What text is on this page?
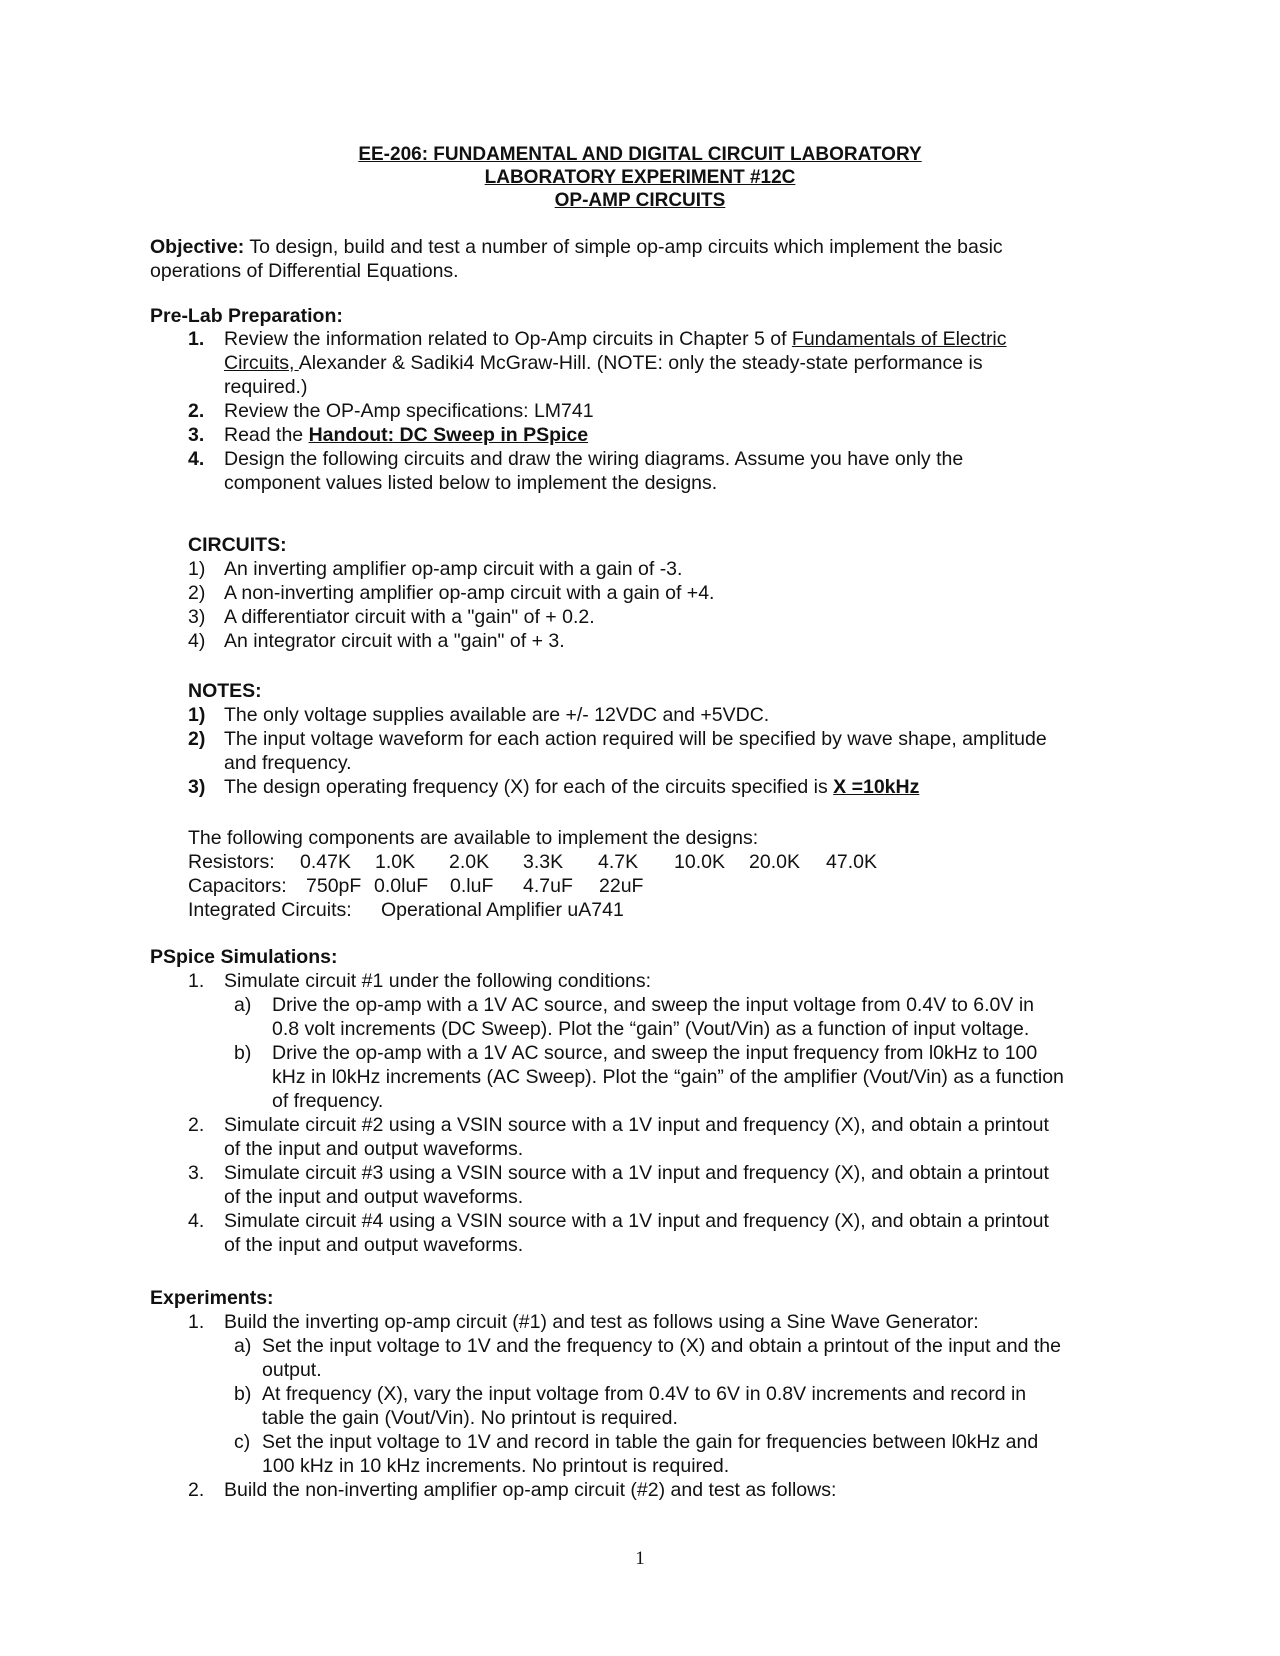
EE-206: FUNDAMENTAL AND DIGITAL CIRCUIT LABORATORY
LABORATORY EXPERIMENT #12C
OP-AMP CIRCUITS
Objective: To design, build and test a number of simple op-amp circuits which implement the basic
operations of Differential Equations.
Pre-Lab Preparation:
1. Review the information related to Op-Amp circuits in Chapter 5 of Fundamentals of Electric
Circuits, Alexander & Sadiki4 McGraw-Hill. (NOTE: only the steady-state performance is
required.)
2. Review the OP-Amp specifications: LM741
3. Read the Handout: DC Sweep in PSpice
4. Design the following circuits and draw the wiring diagrams. Assume you have only the
component values listed below to implement the designs.
CIRCUITS:
1) An inverting amplifier op-amp circuit with a gain of -3.
2) A non-inverting amplifier op-amp circuit with a gain of +4.
3) A differentiator circuit with a "gain" of + 0.2.
4) An integrator circuit with a "gain" of + 3.
NOTES:
1) The only voltage supplies available are +/- 12VDC and +5VDC.
2) The input voltage waveform for each action required will be specified by wave shape, amplitude
and frequency.
3) The design operating frequency (X) for each of the circuits specified is X =10kHz
The following components are available to implement the designs:
Resistors: 0.47K 1.0K 2.0K 3.3K 4.7K 10.0K 20.0K 47.0K
Capacitors: 750pF 0.0luF 0.luF 4.7uF 22uF
Integrated Circuits: Operational Amplifier uA741
PSpice Simulations:
1. Simulate circuit #1 under the following conditions:
a) Drive the op-amp with a 1V AC source, and sweep the input voltage from 0.4V to 6.0V in
0.8 volt increments (DC Sweep). Plot the “gain” (Vout/Vin) as a function of input voltage.
b) Drive the op-amp with a 1V AC source, and sweep the input frequency from l0kHz to 100
kHz in l0kHz increments (AC Sweep). Plot the “gain” of the amplifier (Vout/Vin) as a function
of frequency.
2. Simulate circuit #2 using a VSIN source with a 1V input and frequency (X), and obtain a printout
of the input and output waveforms.
3. Simulate circuit #3 using a VSIN source with a 1V input and frequency (X), and obtain a printout
of the input and output waveforms.
4. Simulate circuit #4 using a VSIN source with a 1V input and frequency (X), and obtain a printout
of the input and output waveforms.
Experiments:
1. Build the inverting op-amp circuit (#1) and test as follows using a Sine Wave Generator:
a) Set the input voltage to 1V and the frequency to (X) and obtain a printout of the input and the
output.
b) At frequency (X), vary the input voltage from 0.4V to 6V in 0.8V increments and record in
table the gain (Vout/Vin). No printout is required.
c) Set the input voltage to 1V and record in table the gain for frequencies between l0kHz and
100 kHz in 10 kHz increments. No printout is required.
2. Build the non-inverting amplifier op-amp circuit (#2) and test as follows:
1
